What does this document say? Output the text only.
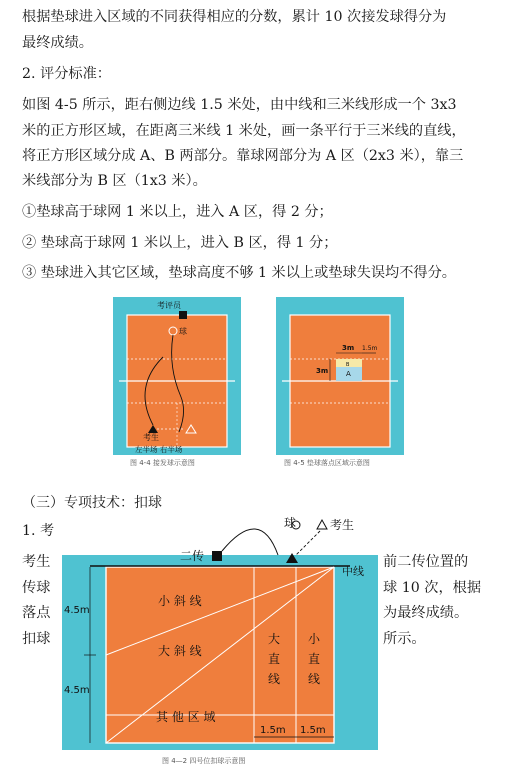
根据垫球进入区域的不同获得相应的分数，累计 10 次接发球得分为
最终成绩。
2. 评分标准：
如图 4-5 所示，距右侧边线 1.5 米处，由中线和三米线形成一个 3x3
米的正方形区域，在距离三米线 1 米处，画一条平行于三米线的直线，
将正方形区域分成 A、B 两部分。靠球网部分为 A 区（2x3 米），靠三
米线部分为 B 区（1x3 米）。
①垫球高于球网 1 米以上，进入 A 区，得 2 分；
② 垫球高于球网 1 米以上，进入 B 区，得 1 分；
③ 垫球进入其它区域，垫球高度不够 1 米以上或垫球失误均不得分。
考评员
球
考生
左半场 右半场
图 4-4 接发球示意图
3m 1.5m
3m
B
A
图 4-5 垫球落点区域示意图
（三）专项技术：扣球
1. 考
考生	前二传位置的
传球	球 10 次，根据
落点	为最终成绩。
扣球	所示。
球	考生
二传
中线
4.5m
4.5m
小 斜 线
大 斜 线
大
直
线
小
直
线
其 他 区 域
1.5m 1.5m
图 4—2 四号位扣球示意图
